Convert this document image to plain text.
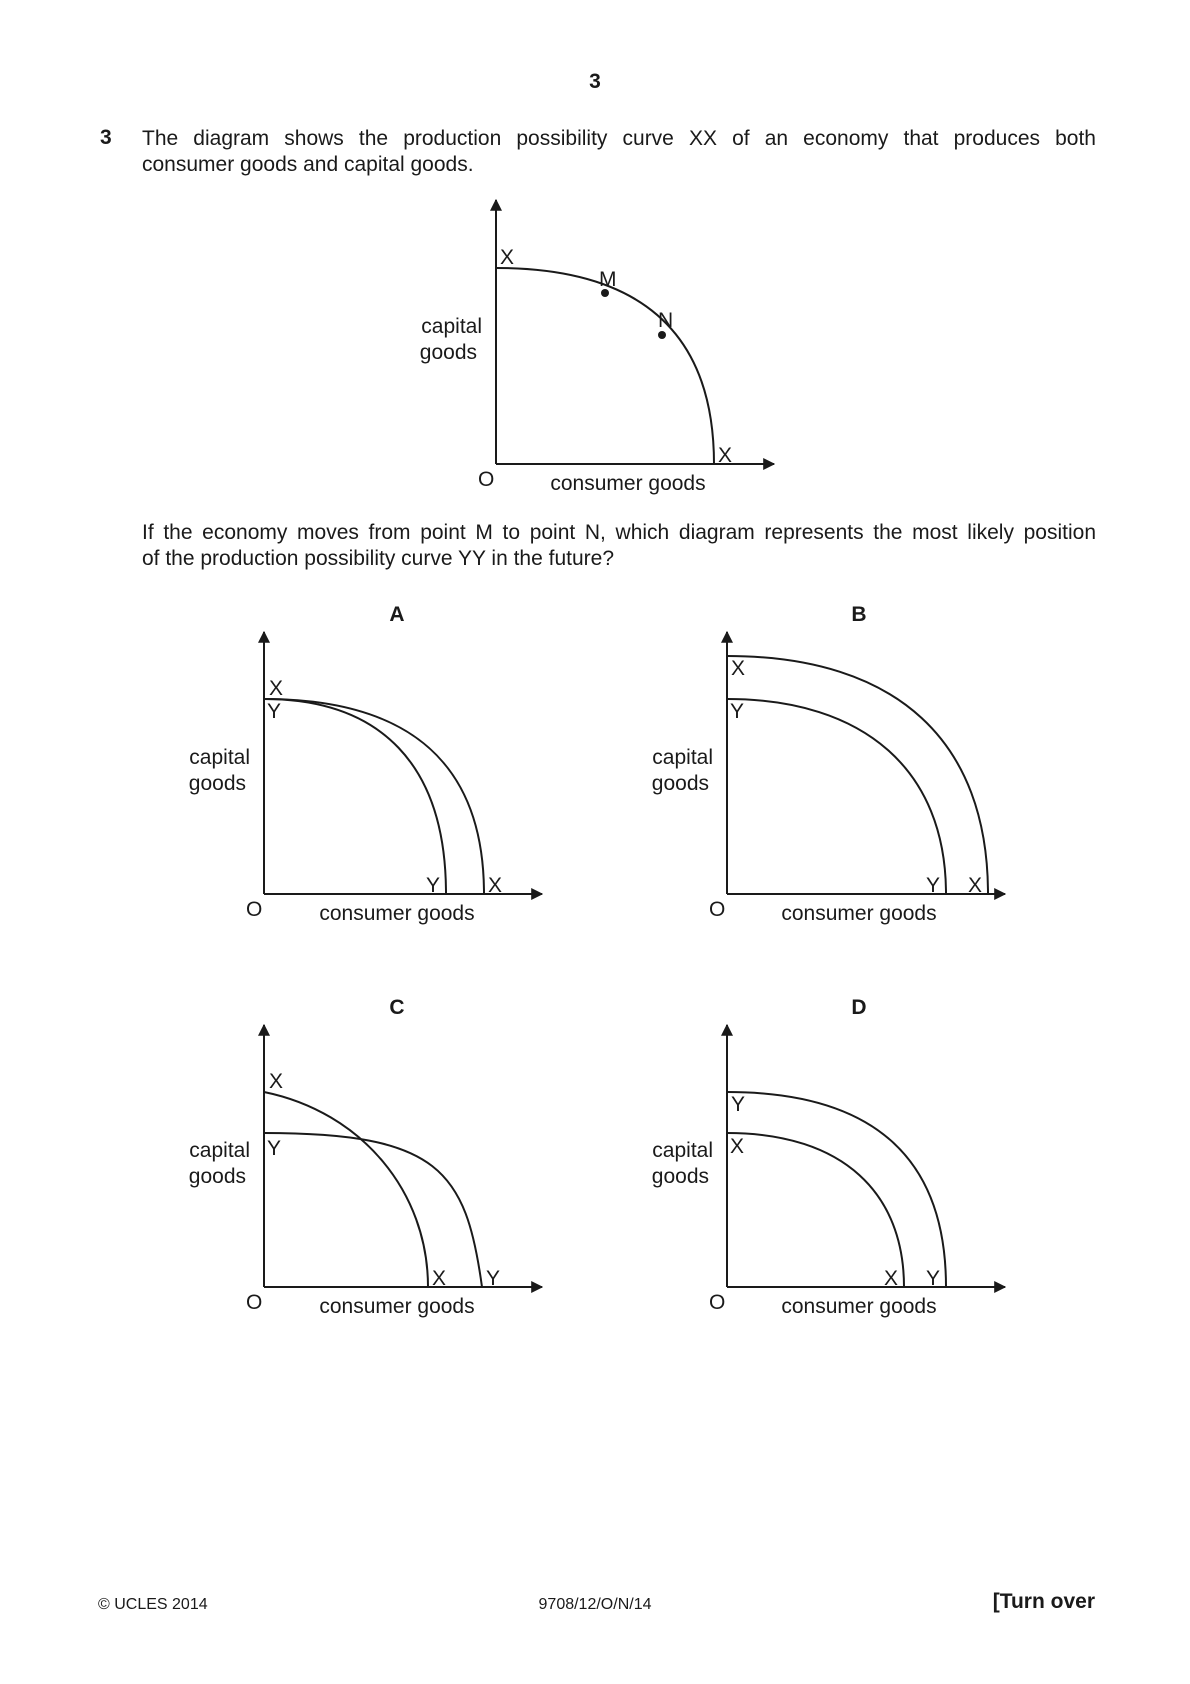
3
3 The diagram shows the production possibility curve XX of an economy that produces both
consumer goods and capital goods.
If the economy moves from point M to point N, which diagram represents the most likely position
of the production possibility curve YY in the future?
X
X
M
N
capital
goods
O	consumer goods
A
X
Y
Y X
capital
goods
O	consumer goods
B
X
Y
Y X
capital
goods
O	consumer goods
C
X
Y
X Y
capital
goods
O	consumer goods
D
Y
X
X Y
capital
goods
O	consumer goods
© UCLES 2014	9708/12/O/N/14	[Turn over
